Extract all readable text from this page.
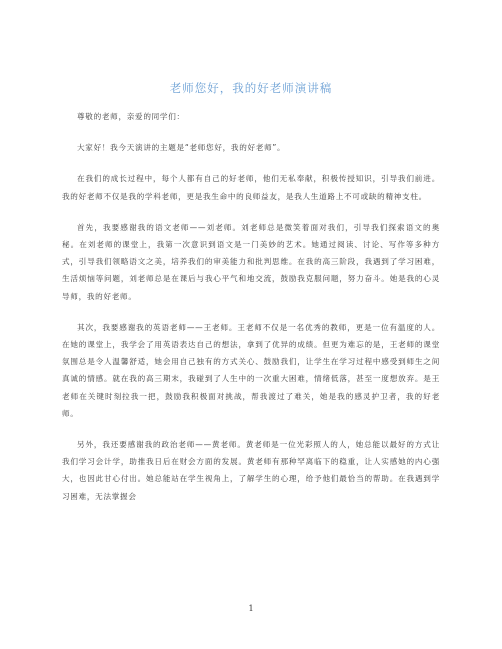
老师您好，我的好老师演讲稿

尊敬的老师，亲爱的同学们：

大家好！我今天演讲的主题是“老师您好，我的好老师”。

在我们的成长过程中，每个人都有自己的好老师，他们无私奉献，积极传授知识，引导我们前进。我的好老师不仅是我的学科老师，更是我生命中的良师益友，是我人生道路上不可或缺的精神支柱。

首先，我要感谢我的语文老师——刘老师。刘老师总是微笑着面对我们，引导我们探索语文的奥秘。在刘老师的课堂上，我第一次意识到语文是一门美妙的艺术。她通过阅读、讨论、写作等多种方式，引导我们领略语文之美，培养我们的审美能力和批判思维。在我的高三阶段，我遇到了学习困难，生活烦恼等问题，刘老师总是在课后与我心平气和地交流，鼓励我克服问题，努力奋斗。她是我的心灵导师，我的好老师。

其次，我要感谢我的英语老师——王老师。王老师不仅是一名优秀的教师，更是一位有温度的人。在她的课堂上，我学会了用英语表达自己的想法，拿到了优异的成绩。但更为难忘的是，王老师的课堂氛围总是令人温馨舒适，她会用自己独有的方式关心、鼓励我们，让学生在学习过程中感受到师生之间真诚的情感。就在我的高三期末，我碰到了人生中的一次重大困难，情绪低落，甚至一度想放弃。是王老师在关键时刻拉我一把，鼓励我积极面对挑战，帮我渡过了难关，她是我的感灵护卫者，我的好老师。

另外，我还要感谢我的政治老师——黄老师。黄老师是一位光彩照人的人，她总能以最好的方式让我们学习会计学，助推我日后在财会方面的发展。黄老师有那种罕离临下的稳重，让人实感她的内心强大，也因此甘心付出。她总能站在学生视角上，了解学生的心理，给予他们最恰当的帮助。在我遇到学习困难，无法掌握会

1
